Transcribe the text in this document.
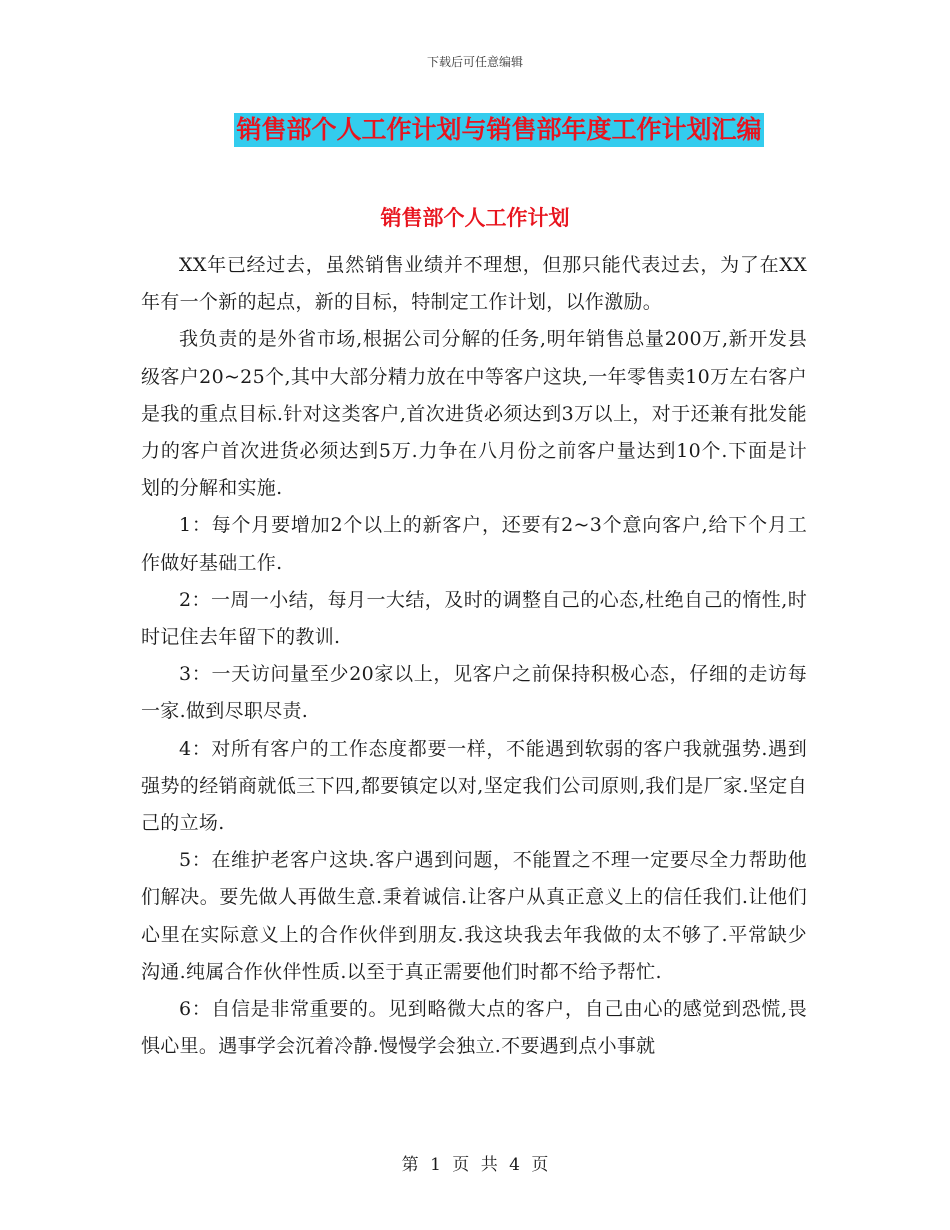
下载后可任意编辑
销售部个人工作计划与销售部年度工作计划汇编
销售部个人工作计划

XX年已经过去，虽然销售业绩并不理想，但那只能代表过去，为了在XX年有一个新的起点，新的目标，特制定工作计划，以作激励。

我负责的是外省市场,根据公司分解的任务,明年销售总量200万,新开发县级客户20~25个,其中大部分精力放在中等客户这块,一年零售卖10万左右客户是我的重点目标.针对这类客户,首次进货必须达到3万以上，对于还兼有批发能力的客户首次进货必须达到5万.力争在八月份之前客户量达到10个.下面是计划的分解和实施.

1：每个月要增加2个以上的新客户，还要有2~3个意向客户,给下个月工作做好基础工作.

2：一周一小结，每月一大结，及时的调整自己的心态,杜绝自己的惰性,时时记住去年留下的教训.

3：一天访问量至少20家以上，见客户之前保持积极心态，仔细的走访每一家.做到尽职尽责.

4：对所有客户的工作态度都要一样，不能遇到软弱的客户我就强势.遇到强势的经销商就低三下四,都要镇定以对,坚定我们公司原则,我们是厂家.坚定自己的立场.

5：在维护老客户这块.客户遇到问题，不能置之不理一定要尽全力帮助他们解决。要先做人再做生意.秉着诚信.让客户从真正意义上的信任我们.让他们心里在实际意义上的合作伙伴到朋友.我这块我去年我做的太不够了.平常缺少沟通.纯属合作伙伴性质.以至于真正需要他们时都不给予帮忙.

6：自信是非常重要的。见到略微大点的客户，自己由心的感觉到恐慌,畏惧心里。遇事学会沉着冷静.慢慢学会独立.不要遇到点小事就

第 1 页 共 4 页
